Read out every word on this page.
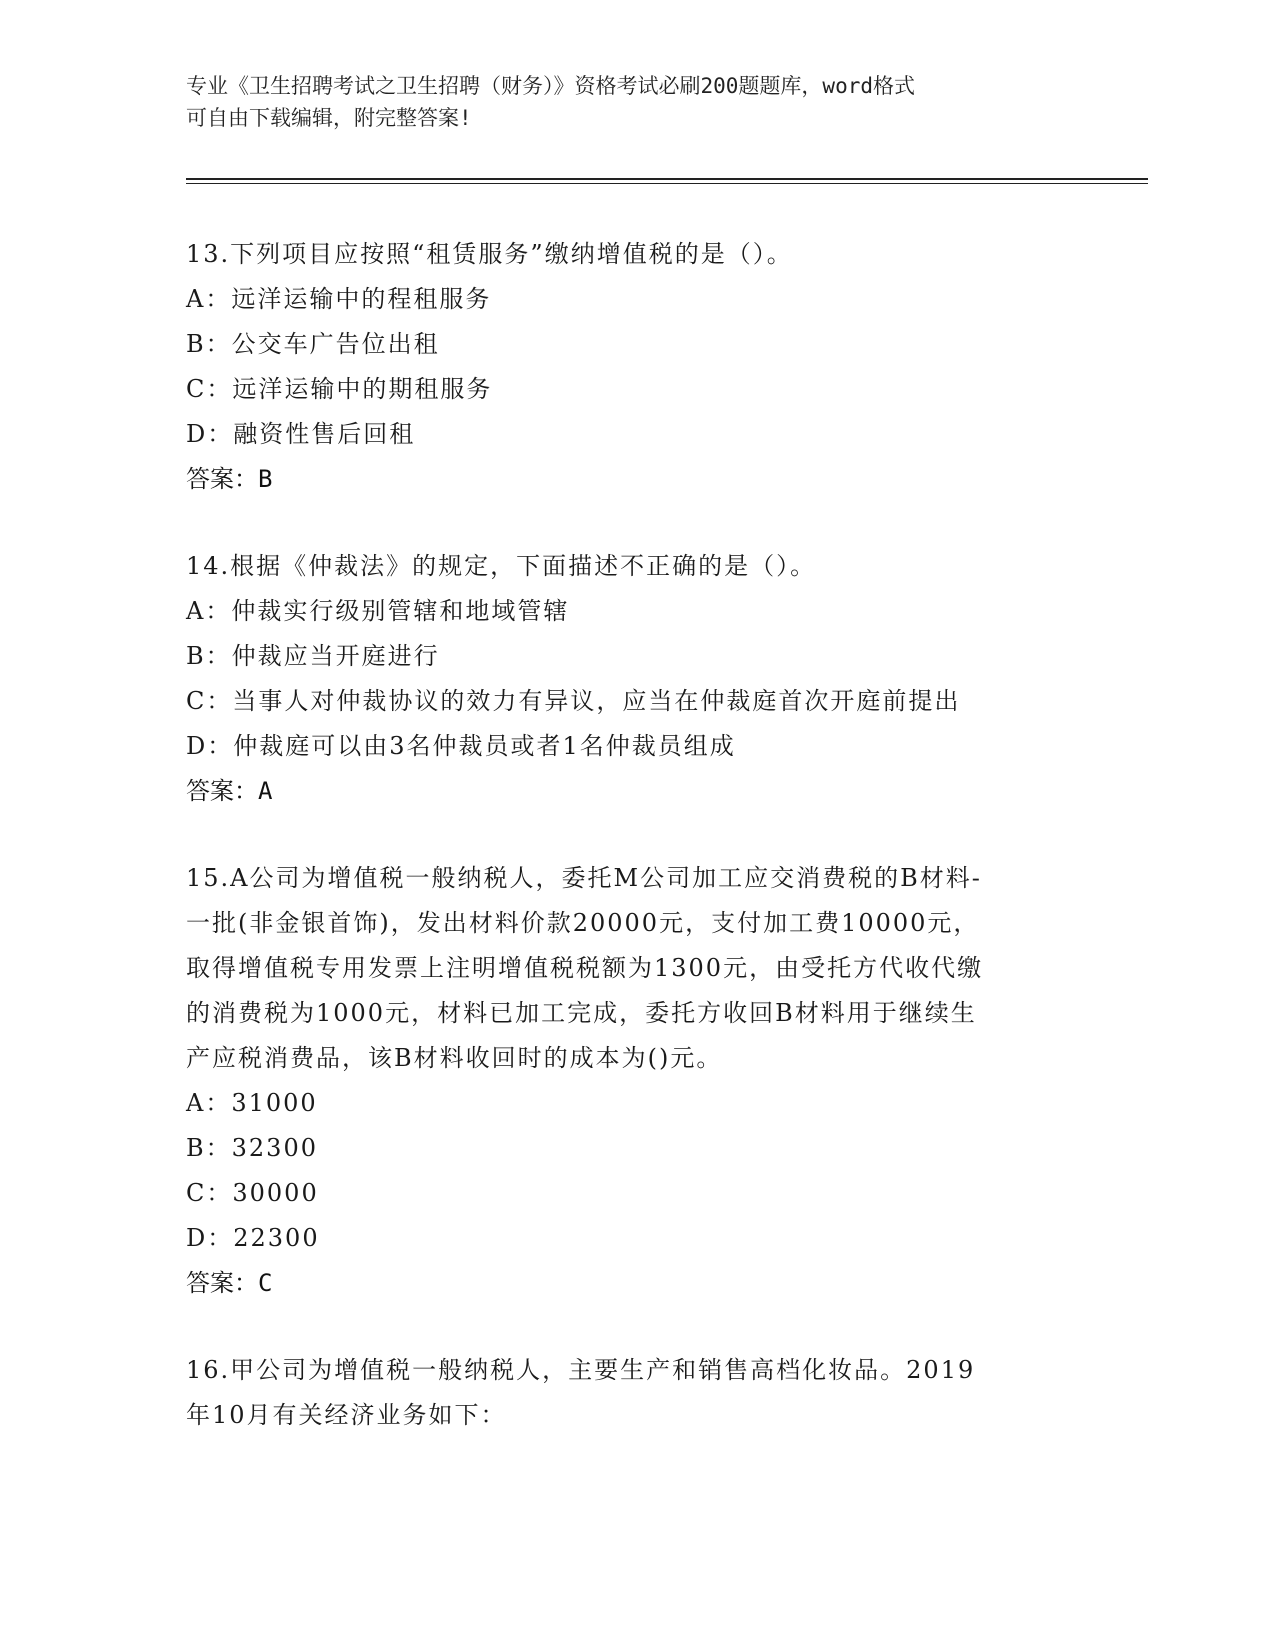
专业《卫生招聘考试之卫生招聘（财务）》资格考试必刷200题题库，word格式
可自由下载编辑，附完整答案!
13.下列项目应按照“租赁服务”缴纳增值税的是（）。
A：远洋运输中的程租服务
B：公交车广告位出租
C：远洋运输中的期租服务
D：融资性售后回租
答案：B
14.根据《仲裁法》的规定，下面描述不正确的是（）。
A：仲裁实行级别管辖和地域管辖
B：仲裁应当开庭进行
C：当事人对仲裁协议的效力有异议，应当在仲裁庭首次开庭前提出
D：仲裁庭可以由3名仲裁员或者1名仲裁员组成
答案：A
15.A公司为增值税一般纳税人，委托M公司加工应交消费税的B材料-
一批(非金银首饰)，发出材料价款20000元，支付加工费10000元，
取得增值税专用发票上注明增值税税额为1300元，由受托方代收代缴
的消费税为1000元，材料已加工完成，委托方收回B材料用于继续生
产应税消费品，该B材料收回时的成本为()元。
A：31000
B：32300
C：30000
D：22300
答案：C
16.甲公司为增值税一般纳税人，主要生产和销售高档化妆品。2019
年10月有关经济业务如下：
